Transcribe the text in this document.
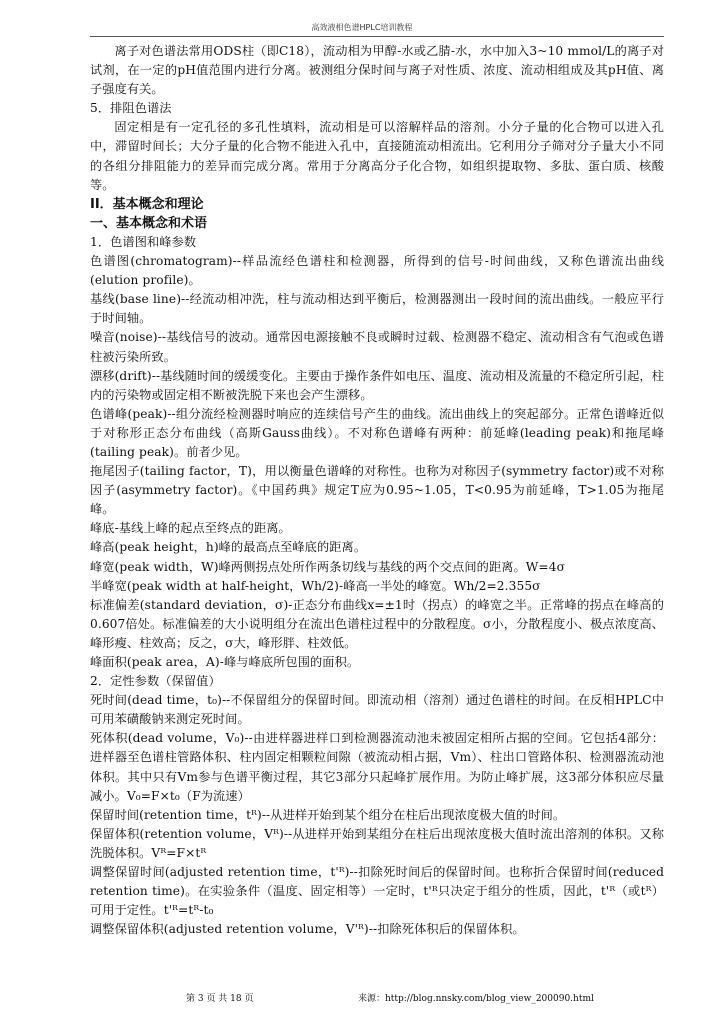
高效液相色谱HPLC培训教程

离子对色谱法常用ODS柱（即C18），流动相为甲醇-水或乙腈-水，水中加入3~10 mmol/L的离子对试剂，在一定的pH值范围内进行分离。被测组分保时间与离子对性质、浓度、流动相组成及其pH值、离子强度有关。

5．排阻色谱法

固定相是有一定孔径的多孔性填料，流动相是可以溶解样品的溶剂。小分子量的化合物可以进入孔中，滞留时间长；大分子量的化合物不能进入孔中，直接随流动相流出。它利用分子筛对分子量大小不同的各组分排阻能力的差异而完成分离。常用于分离高分子化合物，如组织提取物、多肽、蛋白质、核酸等。

II．基本概念和理论

一、基本概念和术语

1．色谱图和峰参数

色谱图(chromatogram)--样品流经色谱柱和检测器，所得到的信号-时间曲线，又称色谱流出曲线(elution profile)。

基线(base line)--经流动相冲洗，柱与流动相达到平衡后，检测器测出一段时间的流出曲线。一般应平行于时间轴。

噪音(noise)--基线信号的波动。通常因电源接触不良或瞬时过载、检测器不稳定、流动相含有气泡或色谱柱被污染所致。

漂移(drift)--基线随时间的缓缓变化。主要由于操作条件如电压、温度、流动相及流量的不稳定所引起，柱内的污染物或固定相不断被洗脱下来也会产生漂移。

色谱峰(peak)--组分流经检测器时响应的连续信号产生的曲线。流出曲线上的突起部分。正常色谱峰近似于对称形正态分布曲线（高斯Gauss曲线）。不对称色谱峰有两种：前延峰(leading peak)和拖尾峰(tailing peak)。前者少见。

拖尾因子(tailing factor，T)，用以衡量色谱峰的对称性。也称为对称因子(symmetry factor)或不对称因子(asymmetry factor)。《中国药典》规定T应为0.95~1.05，T<0.95为前延峰，T>1.05为拖尾峰。

峰底-基线上峰的起点至终点的距离。

峰高(peak height，h)峰的最高点至峰底的距离。

峰宽(peak width，W)峰两侧拐点处所作两条切线与基线的两个交点间的距离。W=4σ

半峰宽(peak width at half-height，Wh/2)-峰高一半处的峰宽。Wh/2=2.355σ

标准偏差(standard deviation，σ)-正态分布曲线x=±1时（拐点）的峰宽之半。正常峰的拐点在峰高的0.607倍处。标准偏差的大小说明组分在流出色谱柱过程中的分散程度。σ小，分散程度小、极点浓度高、峰形瘦、柱效高；反之，σ大，峰形胖、柱效低。

峰面积(peak area，A)-峰与峰底所包围的面积。

2．定性参数（保留值）

死时间(dead time，t₀)--不保留组分的保留时间。即流动相（溶剂）通过色谱柱的时间。在反相HPLC中可用苯磺酸钠来测定死时间。

死体积(dead volume，V₀)--由进样器进样口到检测器流动池未被固定相所占据的空间。它包括4部分：进样器至色谱柱管路体积、柱内固定相颗粒间隙（被流动相占据，Vm）、柱出口管路体积、检测器流动池体积。其中只有Vm参与色谱平衡过程，其它3部分只起峰扩展作用。为防止峰扩展，这3部分体积应尽量减小。V₀=F×t₀（F为流速）

保留时间(retention time，tᴿ)--从进样开始到某个组分在柱后出现浓度极大值的时间。

保留体积(retention volume，Vᴿ)--从进样开始到某组分在柱后出现浓度极大值时流出溶剂的体积。又称洗脱体积。Vᴿ=F×tᴿ

调整保留时间(adjusted retention time，t'ᴿ)--扣除死时间后的保留时间。也称折合保留时间(reduced retention time)。在实验条件（温度、固定相等）一定时，t'ᴿ只决定于组分的性质，因此，t'ᴿ（或tᴿ）可用于定性。t'ᴿ=tᴿ-t₀

调整保留体积(adjusted retention volume，V'ᴿ)--扣除死体积后的保留体积。

第 3 页 共 18 页	来源：http://blog.nnsky.com/blog_view_200090.html
